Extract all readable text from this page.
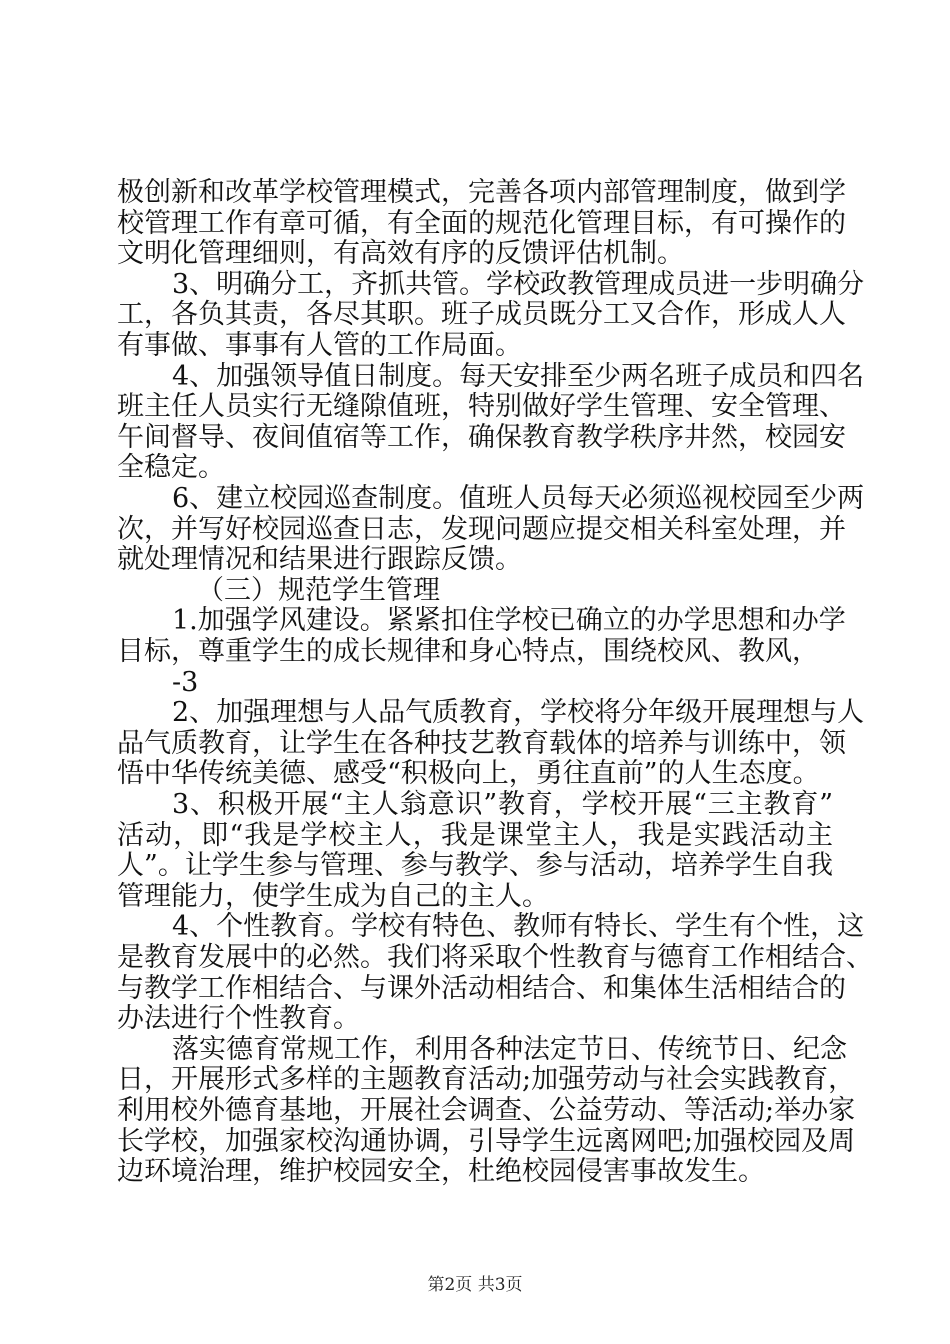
极创新和改革学校管理模式，完善各项内部管理制度，做到学
校管理工作有章可循，有全面的规范化管理目标，有可操作的
文明化管理细则，有高效有序的反馈评估机制。
3、明确分工，齐抓共管。学校政教管理成员进一步明确分
工，各负其责，各尽其职。班子成员既分工又合作，形成人人
有事做、事事有人管的工作局面。
4、加强领导值日制度。每天安排至少两名班子成员和四名
班主任人员实行无缝隙值班，特别做好学生管理、安全管理、
午间督导、夜间值宿等工作，确保教育教学秩序井然，校园安
全稳定。
6、建立校园巡查制度。值班人员每天必须巡视校园至少两
次，并写好校园巡查日志，发现问题应提交相关科室处理，并
就处理情况和结果进行跟踪反馈。
（三）规范学生管理
1.加强学风建设。紧紧扣住学校已确立的办学思想和办学
目标，尊重学生的成长规律和身心特点，围绕校风、教风，
-3
2、加强理想与人品气质教育，学校将分年级开展理想与人
品气质教育，让学生在各种技艺教育载体的培养与训练中，领
悟中华传统美德、感受“积极向上，勇往直前”的人生态度。
3、积极开展“主人翁意识”教育，学校开展“三主教育”
活动，即“我是学校主人，我是课堂主人，我是实践活动主
人”。让学生参与管理、参与教学、参与活动，培养学生自我
管理能力，使学生成为自己的主人。
4、个性教育。学校有特色、教师有特长、学生有个性，这
是教育发展中的必然。我们将采取个性教育与德育工作相结合、
与教学工作相结合、与课外活动相结合、和集体生活相结合的
办法进行个性教育。
落实德育常规工作，利用各种法定节日、传统节日、纪念
日，开展形式多样的主题教育活动;加强劳动与社会实践教育，
利用校外德育基地，开展社会调查、公益劳动、等活动;举办家
长学校，加强家校沟通协调，引导学生远离网吧;加强校园及周
边环境治理，维护校园安全，杜绝校园侵害事故发生。
第2页 共3页
